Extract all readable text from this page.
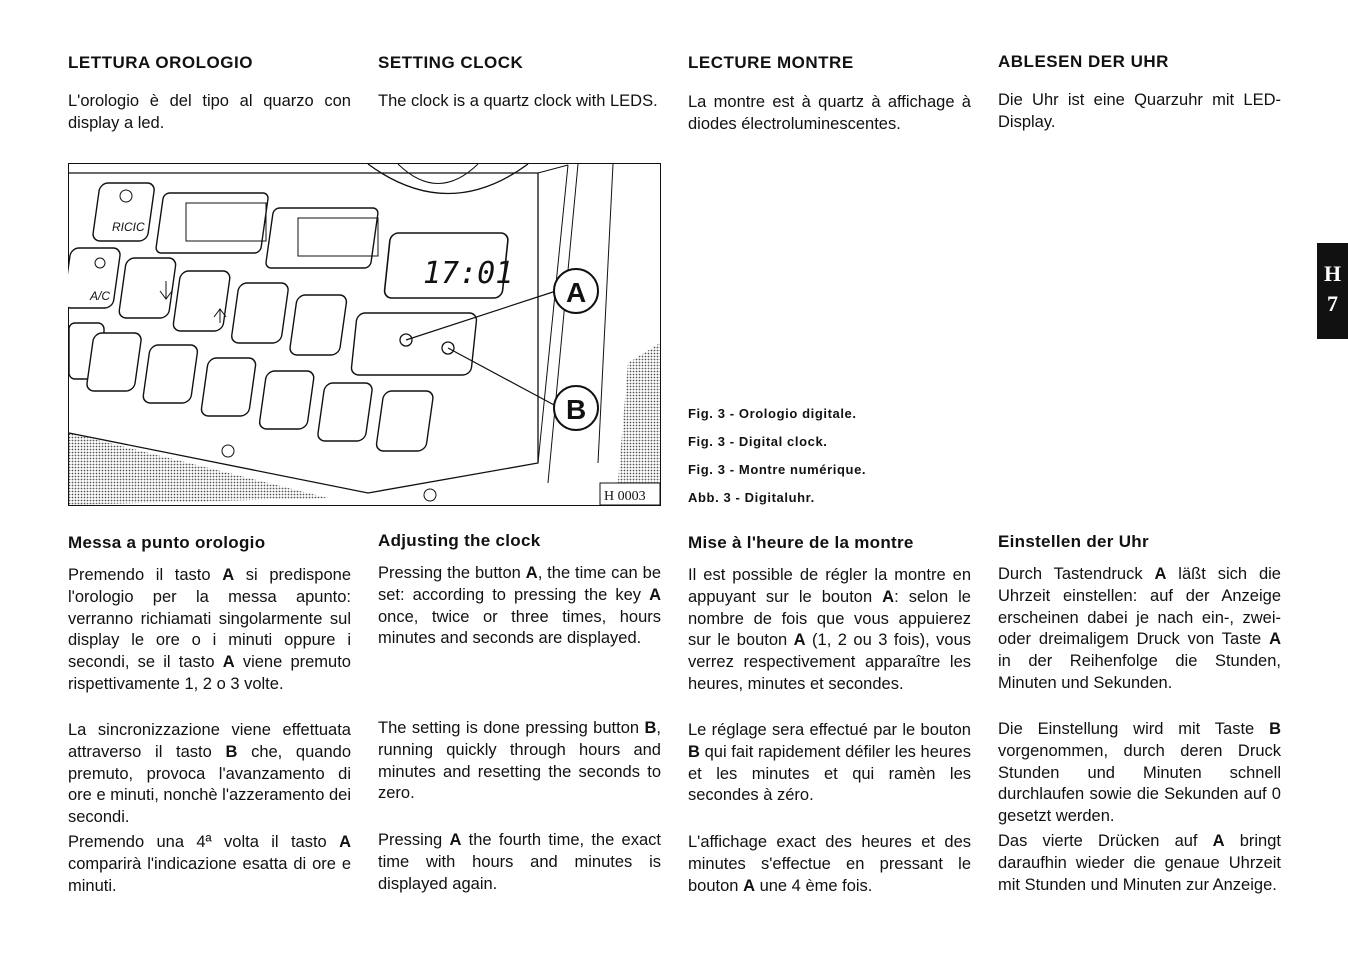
LETTURA OROLOGIO	SETTING CLOCK	LECTURE MONTRE	ABLESEN DER UHR

L'orologio è del tipo al quarzo con display a led.

The clock is a quartz clock with LEDS. La montre est à quartz à affichage à diodes électroluminescentes.

Die Uhr ist eine Quarzuhr mit LED-Display.

H
7
RICIC
17:01
A
B
A/C
H 0003
Fig. 3 - Orologio digitale.
Fig. 3 - Digital clock.
Fig. 3 - Montre numérique.
Abb. 3 - Digitaluhr.
Messa a punto orologio	Adjusting the clock	Mise à l'heure de la montre	Einstellen der Uhr

Premendo il tasto A si predispone l'orologio per la messa apunto: verranno richiamati singolarmente sul display le ore o i minuti oppure i secondi, se il tasto A viene premuto rispettivamente 1, 2 o 3 volte.

La sincronizzazione viene effettuata attraverso il tasto B che, quando premuto, provoca l'avanzamento di ore e minuti, nonchè l'azzeramento dei secondi.

Premendo una 4ª volta il tasto A comparirà l'indicazione esatta di ore e minuti.

Pressing the button A, the time can be set: according to pressing the key A once, twice or three times, hours minutes and seconds are displayed.

The setting is done pressing button B, running quickly through hours and minutes and resetting the seconds to zero.

Pressing A the fourth time, the exact time with hours and minutes is displayed again.

Il est possible de régler la montre en appuyant sur le bouton A: selon le nombre de fois que vous appuierez sur le bouton A (1, 2 ou 3 fois), vous verrez respectivement apparaître les heures, minutes et secondes.

Le réglage sera effectué par le bouton B qui fait rapidement défiler les heures et les minutes et qui ramèn les secondes à zéro.

L'affichage exact des heures et des minutes s'effectue en pressant le bouton A une 4 ème fois.

Durch Tastendruck A läßt sich die Uhrzeit einstellen: auf der Anzeige erscheinen dabei je nach ein-, zwei- oder dreimaligem Druck von Taste A in der Reihenfolge die Stunden, Minuten und Sekunden.

Die Einstellung wird mit Taste B vorgenommen, durch deren Druck Stunden und Minuten schnell durchlaufen sowie die Sekunden auf 0 gesetzt werden.

Das vierte Drücken auf A bringt daraufhin wieder die genaue Uhrzeit mit Stunden und Minuten zur Anzeige.
